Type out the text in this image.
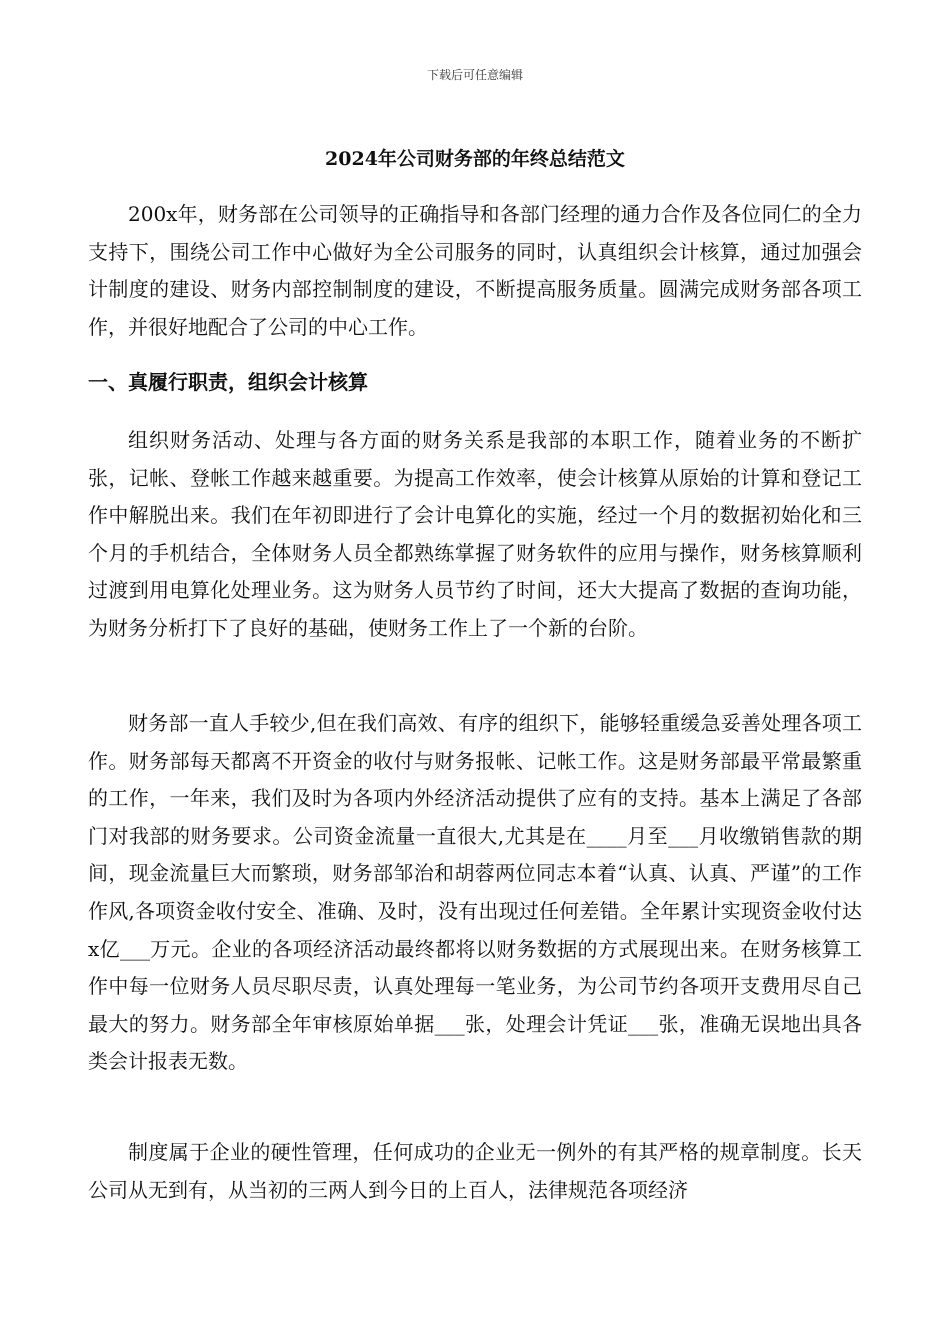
下载后可任意编辑
2024年公司财务部的年终总结范文

200x年，财务部在公司领导的正确指导和各部门经理的通力合作及各位同仁的全力支持下，围绕公司工作中心做好为全公司服务的同时，认真组织会计核算，通过加强会计制度的建设、财务内部控制制度的建设，不断提高服务质量。圆满完成财务部各项工作，并很好地配合了公司的中心工作。

一、真履行职责，组织会计核算

组织财务活动、处理与各方面的财务关系是我部的本职工作，随着业务的不断扩张，记帐、登帐工作越来越重要。为提高工作效率，使会计核算从原始的计算和登记工作中解脱出来。我们在年初即进行了会计电算化的实施，经过一个月的数据初始化和三个月的手机结合，全体财务人员全都熟练掌握了财务软件的应用与操作，财务核算顺利过渡到用电算化处理业务。这为财务人员节约了时间，还大大提高了数据的查询功能，为财务分析打下了良好的基础，使财务工作上了一个新的台阶。

财务部一直人手较少,但在我们高效、有序的组织下，能够轻重缓急妥善处理各项工作。财务部每天都离不开资金的收付与财务报帐、记帐工作。这是财务部最平常最繁重的工作，一年来，我们及时为各项内外经济活动提供了应有的支持。基本上满足了各部门对我部的财务要求。公司资金流量一直很大,尤其是在____月至___月收缴销售款的期间，现金流量巨大而繁琐，财务部邹治和胡蓉两位同志本着“认真、认真、严谨”的工作作风,各项资金收付安全、准确、及时，没有出现过任何差错。全年累计实现资金收付达x亿___万元。企业的各项经济活动最终都将以财务数据的方式展现出来。在财务核算工作中每一位财务人员尽职尽责，认真处理每一笔业务，为公司节约各项开支费用尽自己最大的努力。财务部全年审核原始单据___张，处理会计凭证___张，准确无误地出具各类会计报表无数。

制度属于企业的硬性管理，任何成功的企业无一例外的有其严格的规章制度。长天公司从无到有，从当初的三两人到今日的上百人，法律规范各项经济
